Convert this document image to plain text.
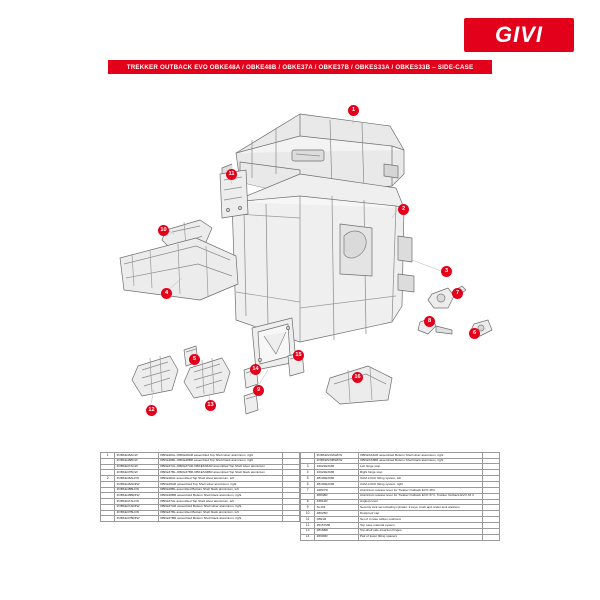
GIVI
TREKKER OUTBACK EVO OBKE48A / OBKE48B / OBKE37A / OBKE37B / OBKES33A / OBKES33B – SIDE-CASE
1
2
3
4
5
6
7
8
9
10
11
12
13
14
15
16
1	ZOBKE48ACW	OBKE48AL-OBKE48AR assembled Top Shell silver aluminium, right	
	ZOBKE48BCW	OBKE48BL-OBKE48BR assembled Top Shell black aluminium, right	
	ZOBKE37ACW	OBKE37AL-OBKE37AR-OBKES33AR assembled Top Shell silver aluminium	
	ZOBKE37BCW	OBKE37BL-OBKE37BR-OBKES33BR assembled Top Shell black aluminium	
2	ZOBKE48ALFW	OBKE48AL assembled Top Shell silver aluminium, left	
	ZOBKE48ARFW	OBKE48AR assembled Top Shell silver aluminium, right	
	ZOBKE48BLFW	OBKE48BL assembled Bottom Shell black aluminium, left	
	ZOBKE48BRFW	OBKE48BR assembled Bottom Shell black aluminium, right	
	ZOBKE37ALFW	OBKE37AL assembled Top Shell silver aluminium, left	
	ZOBKE37ARFW	OBKE37AR assembled Bottom Shell silver aluminium, right	
	ZOBKE37BLFW	OBKE37BL assembled Bottom Shell black aluminium, left	
	ZOBKE37BRFW	OBKE37BR assembled Bottom Shell black aluminium, right	
	ZOBKES33AWFW	OBKES33AR assembled Bottom Shell silver aluminium, right	
	ZOBKES33BWFW	OBKES33BR assembled Bottom Shell black aluminium, right	
3	Z4922EXMR	Left hinge stop	
4	Z4922EXMR	Right hinge stop	
5	Z8100EXMR	CAM-LOCK fitting system, left	
6	Z8100EXMR	CAM-LOCK fitting system, right	
7	Z480YR	Aluminium release lever for Trekker Outback EVO 48 lt	
	Z6848R	Aluminium release lever for Trekker Outback EVO 37 lt, Trekker Outback EVO 33 lt	
8	Z4812R	Angled cover	
9	SL161	Security lock set including cylinder, 2 keys, bush and under-lock washers	
10	Z8025R	Dustproof cap	
11	D891R	Set of 4 case rubber cushions	
12	Z6157MR	Top case material system	
13	Z816BR	Top-shell side-insertion hinges	
14	Z6900R	Pair of lower fitting spacers	
